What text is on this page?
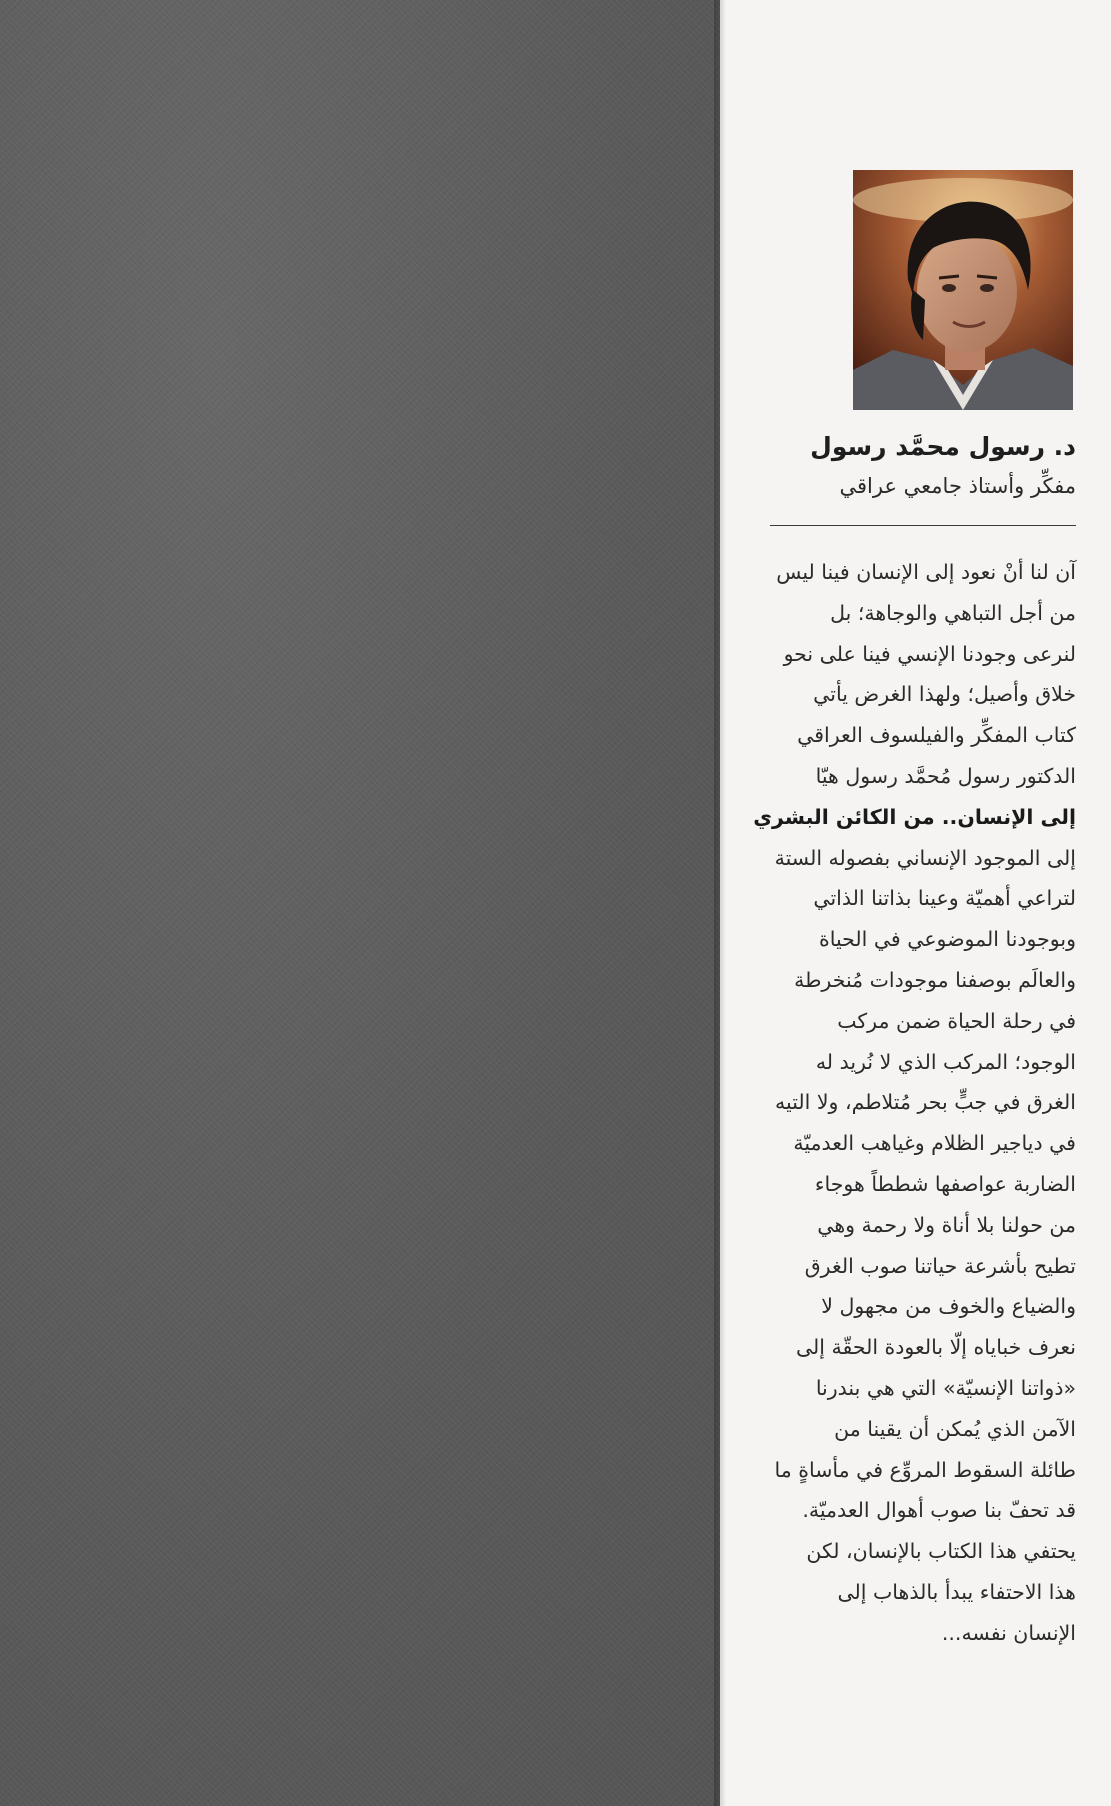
د. رسول محمَّد رسول
مفكِّر وأستاذ جامعي عراقي
آن لنا أنْ نعود إلى الإنسان فينا ليس
من أجل التباهي والوجاهة؛ بل
لنرعى وجودنا الإنسي فينا على نحو
خلاق وأصيل؛ ولهذا الغرض يأتي
كتاب المفكِّر والفيلسوف العراقي
الدكتور رسول مُحمَّد رسول هيّا
إلى الإنسان.. من الكائن البشري
إلى الموجود الإنساني بفصوله الستة
لتراعي أهميّة وعينا بذاتنا الذاتي
وبوجودنا الموضوعي في الحياة
والعالَم بوصفنا موجودات مُنخرطة
في رحلة الحياة ضمن مركب
الوجود؛ المركب الذي لا نُريد له
الغرق في جبٍّ بحر مُتلاطم، ولا التيه
في دياجير الظلام وغياهب العدميّة
الضاربة عواصفها شططاً هوجاء
من حولنا بلا أناة ولا رحمة وهي
تطيح بأشرعة حياتنا صوب الغرق
والضياع والخوف من مجهول لا
نعرف خباياه إلّا بالعودة الحقّة إلى
«ذواتنا الإنسيّة» التي هي بندرنا
الآمن الذي يُمكن أن يقينا من
طائلة السقوط المروِّع في مأساةٍ ما
قد تحفّ بنا صوب أهوال العدميّة.
يحتفي هذا الكتاب بالإنسان، لكن
هذا الاحتفاء يبدأ بالذهاب إلى
الإنسان نفسه...
